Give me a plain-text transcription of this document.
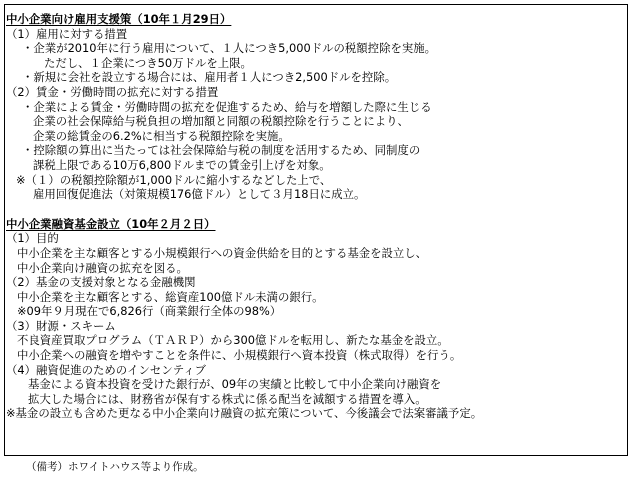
中小企業向け雇用支援策（10年１月29日）
（1）雇用に対する措置
・企業が2010年に行う雇用について、１人につき5,000ドルの税額控除を実施。
ただし、１企業につき50万ドルを上限。
・新規に会社を設立する場合には、雇用者１人につき2,500ドルを控除。
（2）賃金・労働時間の拡充に対する措置
・企業による賃金・労働時間の拡充を促進するため、給与を増額した際に生じる
企業の社会保障給与税負担の増加額と同額の税額控除を行うことにより、
企業の総賃金の6.2%に相当する税額控除を実施。
・控除額の算出に当たっては社会保障給与税の制度を活用するため、同制度の
課税上限である10万6,800ドルまでの賃金引上げを対象。
※（１）の税額控除額が1,000ドルに縮小するなどした上で、
雇用回復促進法（対策規模176億ドル）として３月18日に成立。
中小企業融資基金設立（10年２月２日）
（1）目的
中小企業を主な顧客とする小規模銀行への資金供給を目的とする基金を設立し、
中小企業向け融資の拡充を図る。
（2）基金の支援対象となる金融機関
中小企業を主な顧客とする、総資産100億ドル未満の銀行。
※09年９月現在で6,826行（商業銀行全体の98%）
（3）財源・スキーム
不良資産買取プログラム（ＴＡＲＰ）から300億ドルを転用し、新たな基金を設立。
中小企業への融資を増やすことを条件に、小規模銀行へ資本投資（株式取得）を行う。
（4）融資促進のためのインセンティブ
基金による資本投資を受けた銀行が、09年の実績と比較して中小企業向け融資を
拡大した場合には、財務省が保有する株式に係る配当を減額する措置を導入。
※基金の設立も含めた更なる中小企業向け融資の拡充策について、今後議会で法案審議予定。
（備考）ホワイトハウス等より作成。
